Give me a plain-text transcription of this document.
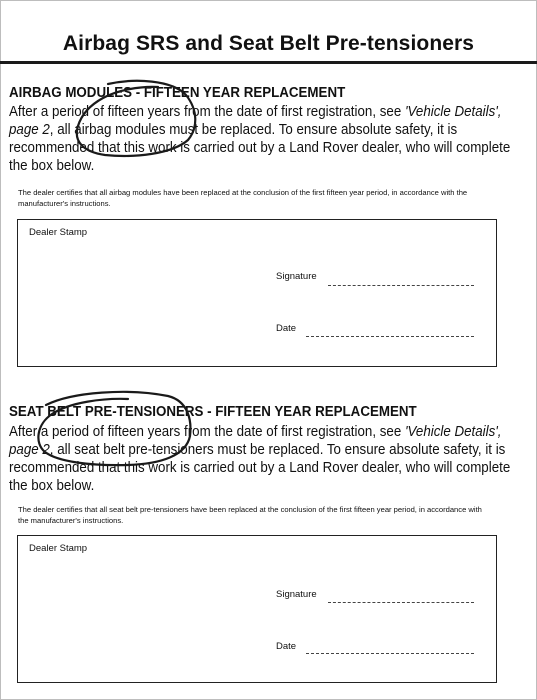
Airbag SRS and Seat Belt Pre-tensioners
AIRBAG MODULES - FIFTEEN YEAR REPLACEMENT
After a period of fifteen years from the date of first registration, see 'Vehicle Details',
page 2, all airbag modules must be replaced. To ensure absolute safety, it is
recommended that this work is carried out by a Land Rover dealer, who will complete
the box below.
The dealer certifies that all airbag modules have been replaced at the conclusion of the first fifteen year period, in accordance with the
manufacturer's instructions.
Dealer Stamp
Signature
Date
SEAT BELT PRE-TENSIONERS - FIFTEEN YEAR REPLACEMENT
After a period of fifteen years from the date of first registration, see 'Vehicle Details',
page 2, all seat belt pre-tensioners must be replaced. To ensure absolute safety, it is
recommended that this work is carried out by a Land Rover dealer, who will complete
the box below.
The dealer certifies that all seat belt pre-tensioners have been replaced at the conclusion of the first fifteen year period, in accordance with
the manufacturer's instructions.
Dealer Stamp
Signature
Date
